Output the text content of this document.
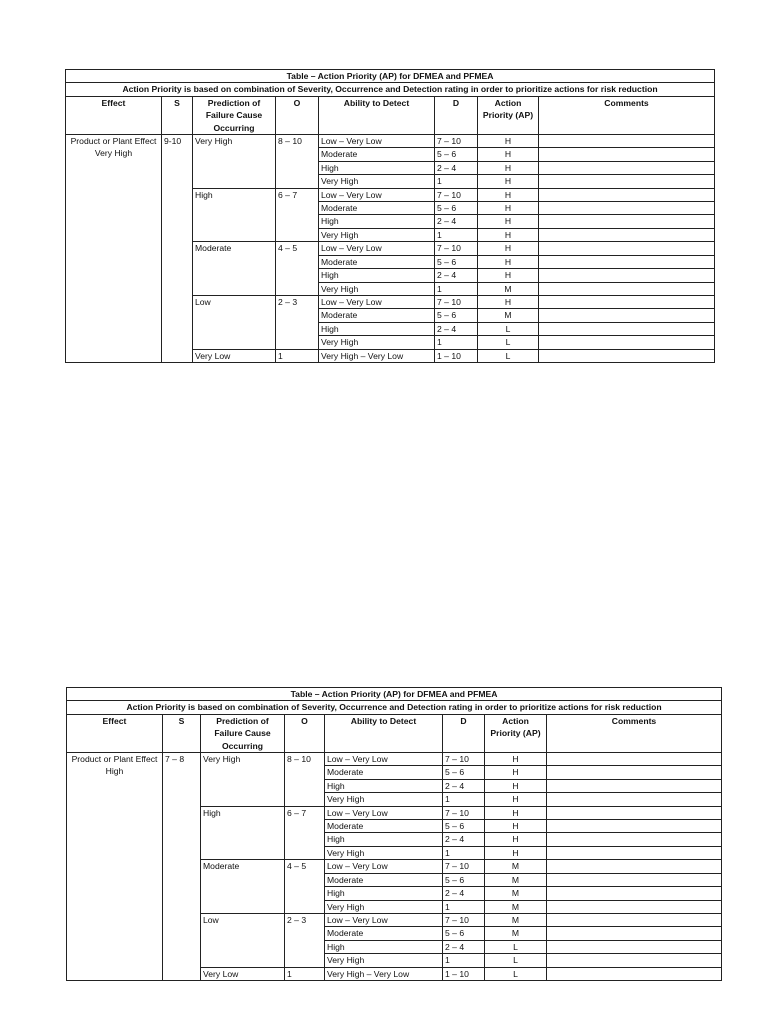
Table – Action Priority (AP) for DFMEA and PFMEA							
Action Priority is based on combination of Severity, Occurrence and Detection rating in order to prioritize actions for risk reduction							
Effect	S	Prediction of Failure Cause Occurring	O	Ability to Detect	D	Action Priority (AP)	Comments
Product or Plant Effect Very High	9-10	Very High	8 – 10	Low – Very Low	7 – 10	H	
				Moderate	5 – 6	H	
				High	2 – 4	H	
				Very High	1	H	
		High	6 – 7	Low – Very Low	7 – 10	H	
				Moderate	5 – 6	H	
				High	2 – 4	H	
				Very High	1	H	
		Moderate	4 – 5	Low – Very Low	7 – 10	H	
				Moderate	5 – 6	H	
				High	2 – 4	H	
				Very High	1	M	
		Low	2 – 3	Low – Very Low	7 – 10	H	
				Moderate	5 – 6	M	
				High	2 – 4	L	
				Very High	1	L	
		Very Low	1	Very High – Very Low	1 – 10	L	
Table – Action Priority (AP) for DFMEA and PFMEA							
Action Priority is based on combination of Severity, Occurrence and Detection rating in order to prioritize actions for risk reduction							
Effect	S	Prediction of Failure Cause Occurring	O	Ability to Detect	D	Action Priority (AP)	Comments
Product or Plant Effect High	7 – 8	Very High	8 – 10	Low – Very Low	7 – 10	H	
				Moderate	5 – 6	H	
				High	2 – 4	H	
				Very High	1	H	
		High	6 – 7	Low – Very Low	7 – 10	H	
				Moderate	5 – 6	H	
				High	2 – 4	H	
				Very High	1	H	
		Moderate	4 – 5	Low – Very Low	7 – 10	M	
				Moderate	5 – 6	M	
				High	2 – 4	M	
				Very High	1	M	
		Low	2 – 3	Low – Very Low	7 – 10	M	
				Moderate	5 – 6	M	
				High	2 – 4	L	
				Very High	1	L	
		Very Low	1	Very High – Very Low	1 – 10	L	
